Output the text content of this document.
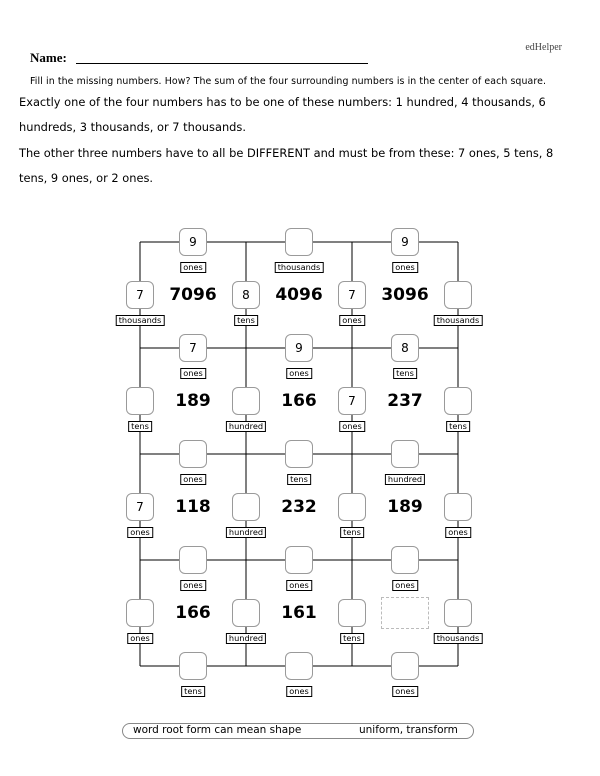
edHelper
Name:
Fill in the missing numbers. How? The sum of the four surrounding numbers is in the center of each square.
Exactly one of the four numbers has to be one of these numbers: 1 hundred, 4 thousands, 6
hundreds, 3 thousands, or 7 thousands.
The other three numbers have to all be DIFFERENT and must be from these: 7 ones, 5 tens, 8
tens, 9 ones, or 2 ones.
9
ones	thousands
9
ones
7
ones
9
ones
8
tens
ones	tens	hundred
ones	ones	ones
tens	ones	ones
7
thousands
8
tens
7
ones	thousands
tens	hundred
7
ones	tens
7
ones	hundred	tens	ones
ones	hundred	tens	thousands
7096	4096	3096
189	166	237
118	232	189
166	161
word root form can mean shape	uniform, transform
